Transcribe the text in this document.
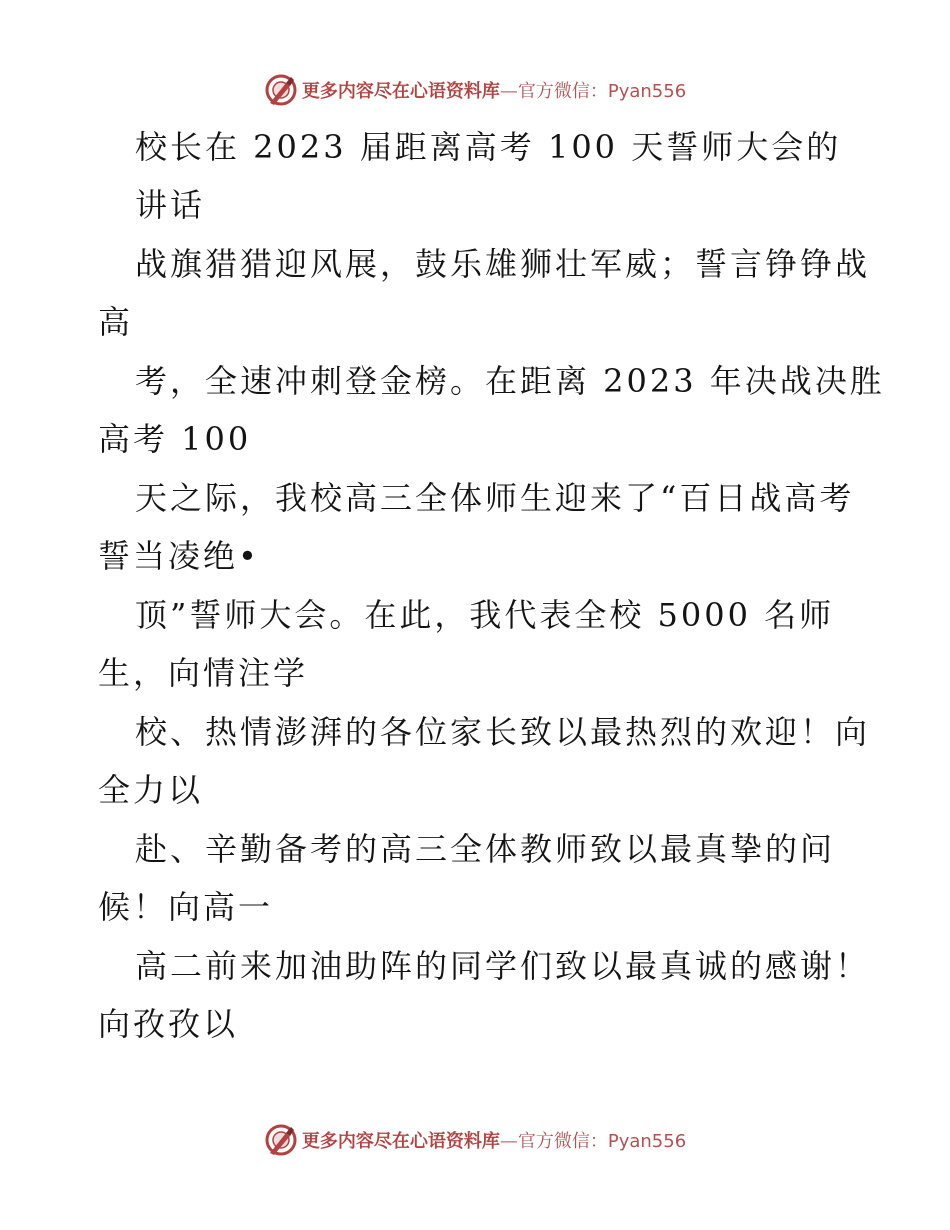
更多内容尽在心语资料库—官方微信：Pyan556
校长在 2023 届距离高考 100 天誓师大会的
讲话
战旗猎猎迎风展，鼓乐雄狮壮军威；誓言铮铮战
高
考，全速冲刺登金榜。在距离 2023 年决战决胜
高考 100
天之际，我校高三全体师生迎来了“百日战高考
誓当凌绝•
顶”誓师大会。在此，我代表全校 5000 名师
生，向情注学
校、热情澎湃的各位家长致以最热烈的欢迎！向
全力以
赴、辛勤备考的高三全体教师致以最真挚的问
候！向高一
高二前来加油助阵的同学们致以最真诚的感谢！
向孜孜以
更多内容尽在心语资料库—官方微信：Pyan556
